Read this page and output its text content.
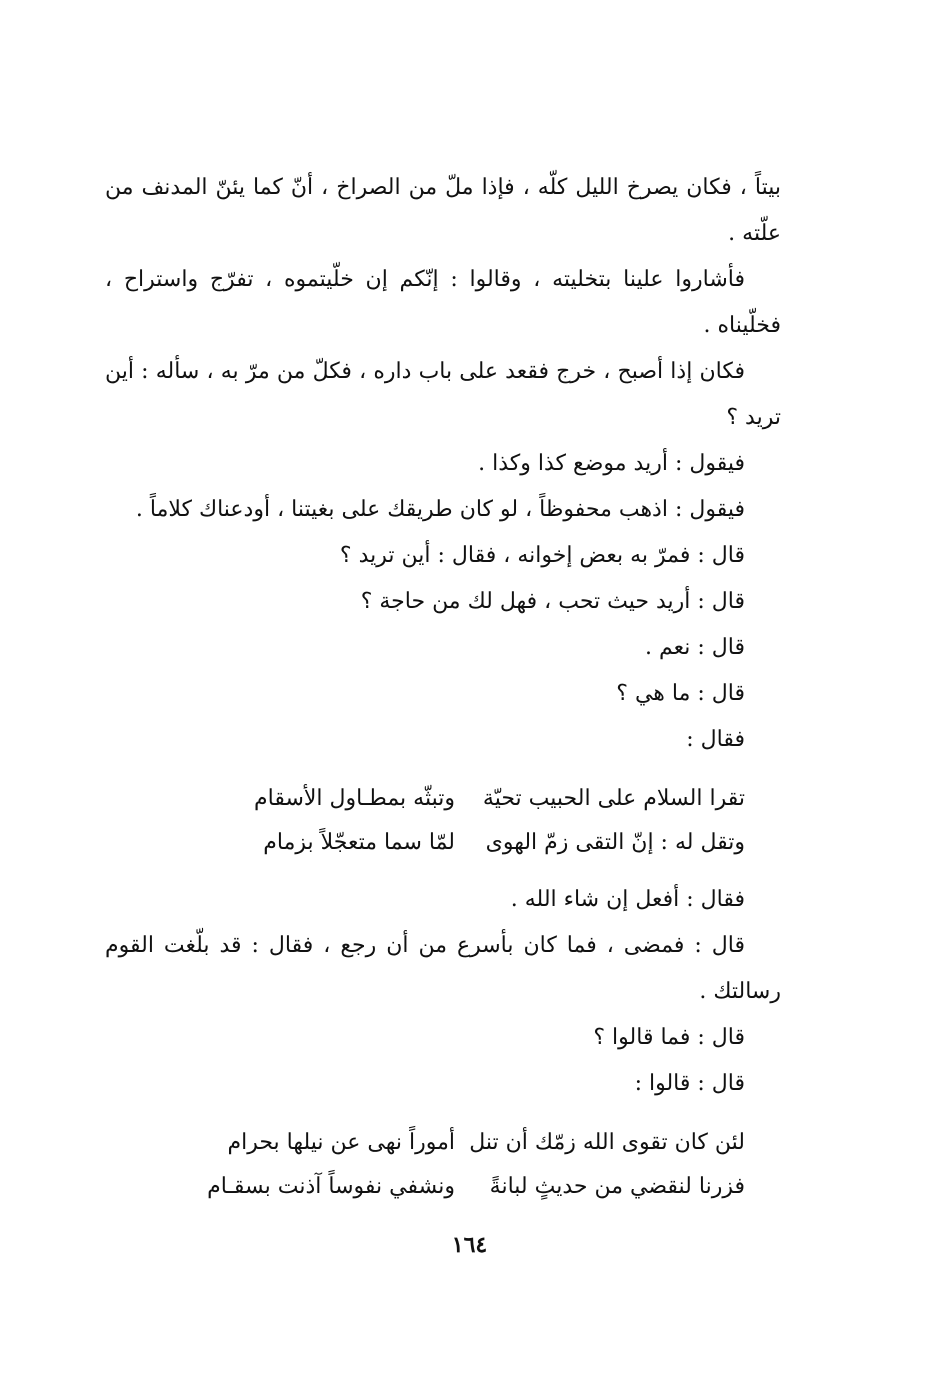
بيتاً ، فكان يصرخ الليل كلّه ، فإذا ملّ من الصراخ ، أنّ كما يئنّ المدنف من علّته .

فأشاروا علينا بتخليته ، وقالوا : إنّكم إن خلّيتموه ، تفرّج واستراح ، فخلّيناه .

فكان إذا أصبح ، خرج فقعد على باب داره ، فكلّ من مرّ به ، سأله : أين تريد ؟

فيقول : أريد موضع كذا وكذا .

فيقول : اذهب محفوظاً ، لو كان طريقك على بغيتنا ، أودعناك كلاماً .

قال : فمرّ به بعض إخوانه ، فقال : أين تريد ؟

قال : أريد حيث تحب ، فهل لك من حاجة ؟

قال : نعم .

قال : ما هي ؟

فقال :

تقرا السلام على الحبيب تحيّة
وتبثّه بمطـاول الأسقام
وتقل له : إنّ التقى زمّ الهوى
لمّا سما متعجّلاً بزمام

فقال : أفعل إن شاء الله .

قال : فمضى ، فما كان بأسرع من أن رجع ، فقال : قد بلّغت القوم رسالتك .

قال : فما قالوا ؟

قال : قالوا :

لئن كان تقوى الله زمّك أن تنل
أموراً نهى عن نيلها بحرام
فزرنا لنقضي من حديثٍ لبانةً
ونشفي نفوساً آذنت بسقـام
١٦٤
